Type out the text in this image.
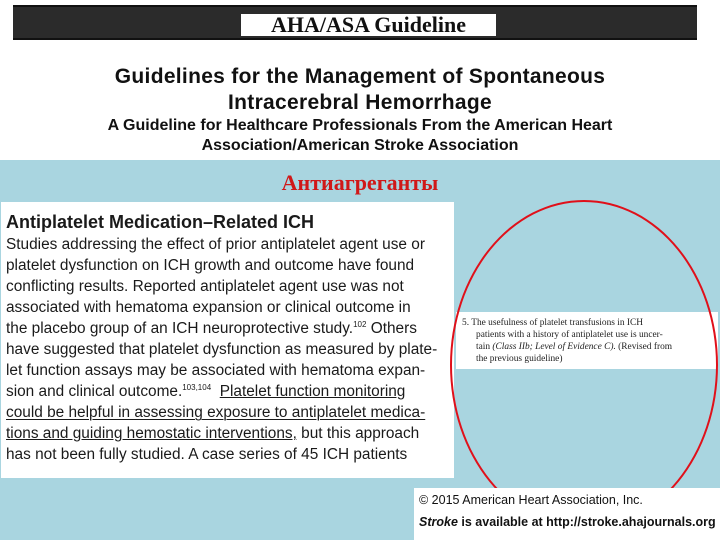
AHA/ASA Guideline
Guidelines for the Management of Spontaneous
Intracerebral Hemorrhage
A Guideline for Healthcare Professionals From the American Heart
Association/American Stroke Association
Антиагреганты
Antiplatelet Medication–Related ICH
Studies addressing the effect of prior antiplatelet agent use or
platelet dysfunction on ICH growth and outcome have found
conflicting results. Reported antiplatelet agent use was not
associated with hematoma expansion or clinical outcome in
the placebo group of an ICH neuroprotective study.$^{102}$ Others
have suggested that platelet dysfunction as measured by plate-
let function assays may be associated with hematoma expan-
sion and clinical outcome.$^{103,104}$ Platelet function monitoring
could be helpful in assessing exposure to antiplatelet medica-
tions and guiding hemostatic interventions, but this approach
has not been fully studied. A case series of 45 ICH patients
5. The usefulness of platelet transfusions in ICH
patients with a history of antiplatelet use is uncer-
tain (Class IIb; Level of Evidence C). (Revised from
the previous guideline)
© 2015 American Heart Association, Inc.
Stroke is available at http://stroke.ahajournals.org
